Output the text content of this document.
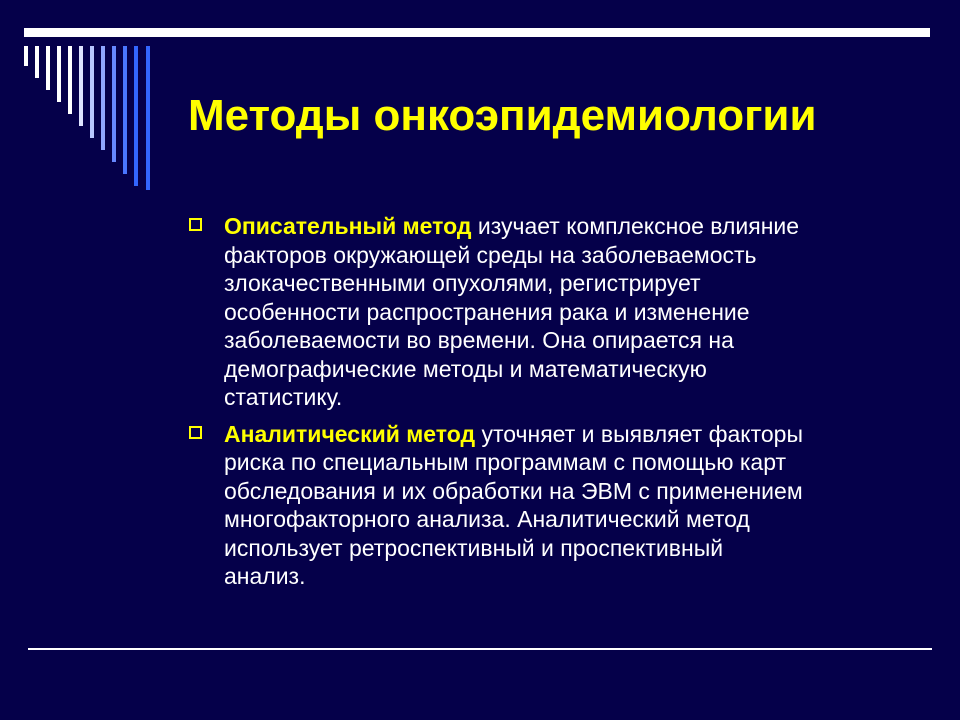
Методы онкоэпидемиологии
Описательный метод изучает комплексное влияние
факторов окружающей среды на заболеваемость
злокачественными опухолями, регистрирует
особенности распространения рака и изменение
заболеваемости во времени. Она опирается на
демографические методы и математическую
статистику.
Аналитический метод уточняет и выявляет факторы
риска по специальным программам с помощью карт
обследования и их обработки на ЭВМ с применением
многофакторного анализа. Аналитический метод
использует ретроспективный и проспективный
анализ.
